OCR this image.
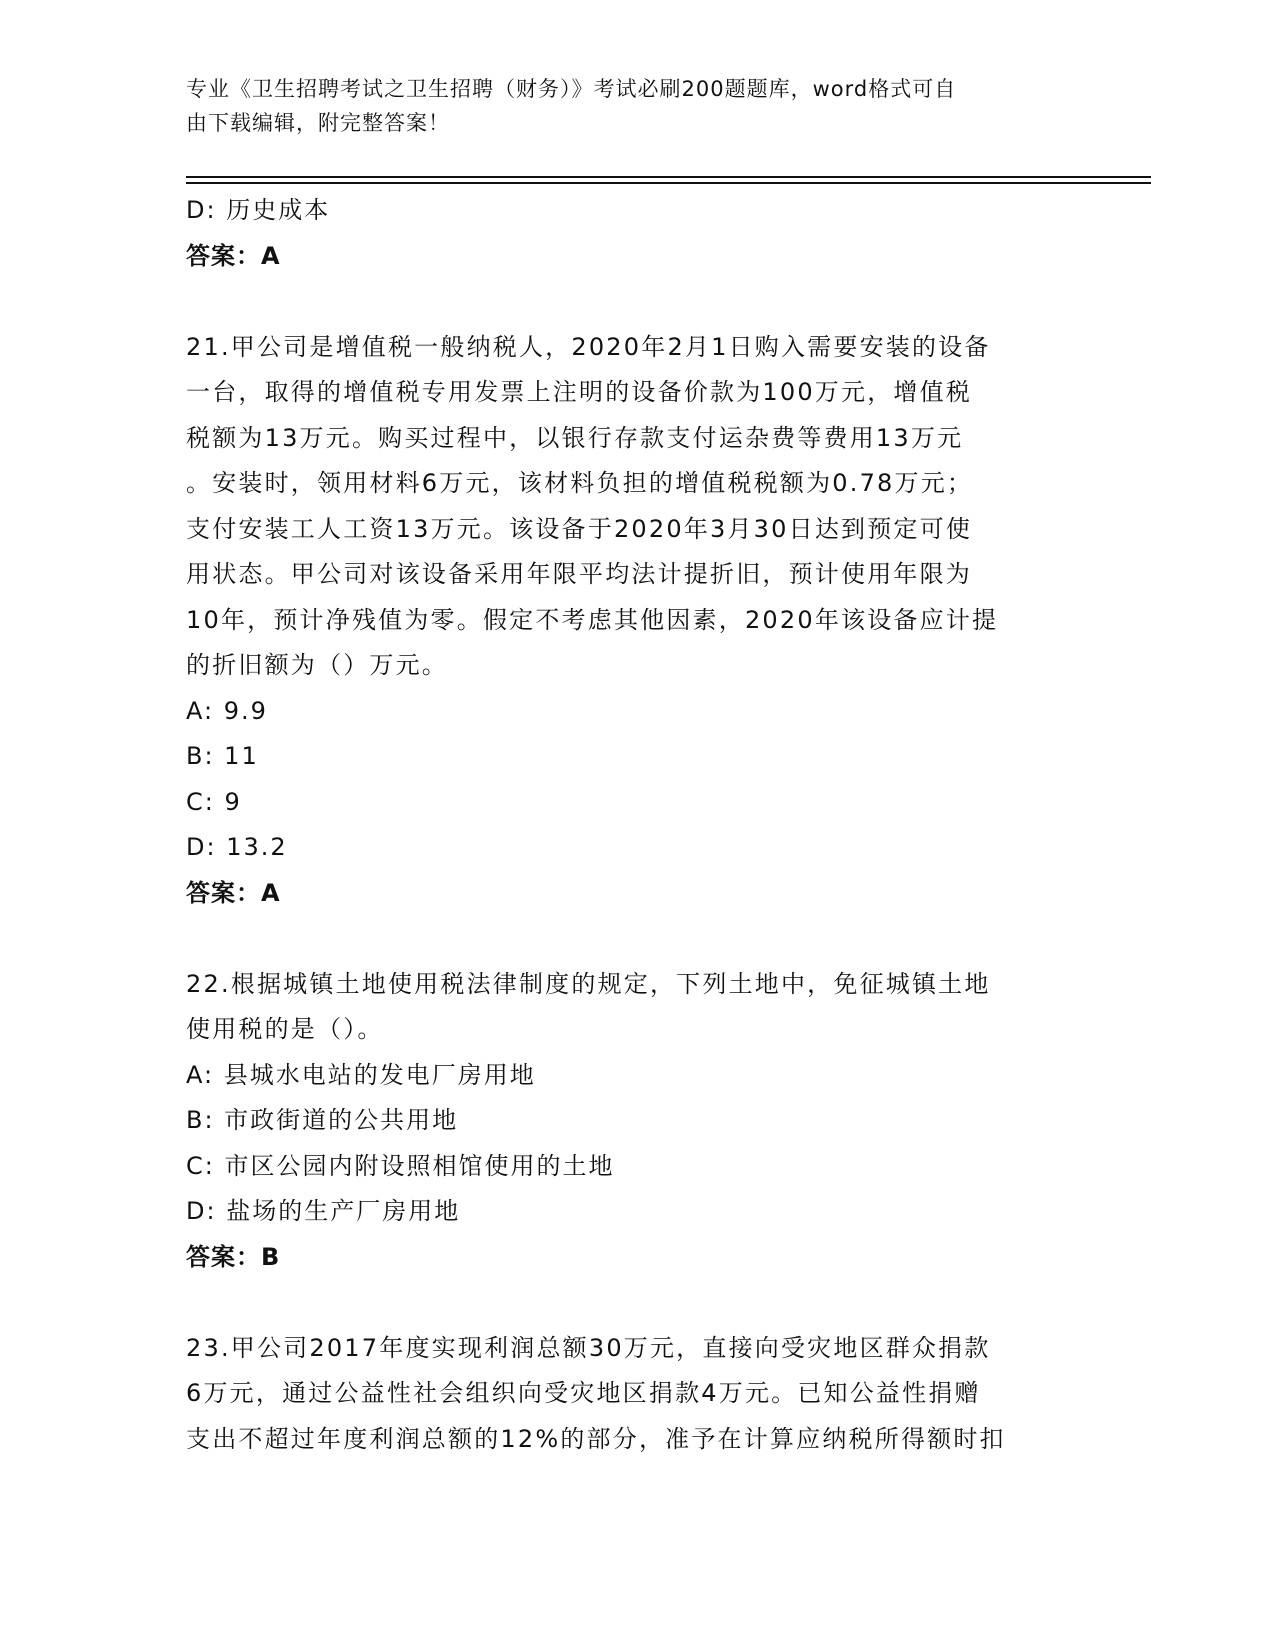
专业《卫生招聘考试之卫生招聘（财务）》考试必刷200题题库，word格式可自
由下载编辑，附完整答案！
D: 历史成本
答案：A
21.甲公司是增值税一般纳税人，2020年2月1日购入需要安装的设备
一台，取得的增值税专用发票上注明的设备价款为100万元，增值税
税额为13万元。购买过程中，以银行存款支付运杂费等费用13万元
。安装时，领用材料6万元，该材料负担的增值税税额为0.78万元；
支付安装工人工资13万元。该设备于2020年3月30日达到预定可使
用状态。甲公司对该设备采用年限平均法计提折旧，预计使用年限为
10年，预计净残值为零。假定不考虑其他因素，2020年该设备应计提
的折旧额为（）万元。
A: 9.9
B: 11
C: 9
D: 13.2
答案：A
22.根据城镇土地使用税法律制度的规定，下列土地中，免征城镇土地
使用税的是（）。
A: 县城水电站的发电厂房用地
B: 市政街道的公共用地
C: 市区公园内附设照相馆使用的土地
D: 盐场的生产厂房用地
答案：B
23.甲公司2017年度实现利润总额30万元，直接向受灾地区群众捐款
6万元，通过公益性社会组织向受灾地区捐款4万元。已知公益性捐赠
支出不超过年度利润总额的12%的部分，准予在计算应纳税所得额时扣
